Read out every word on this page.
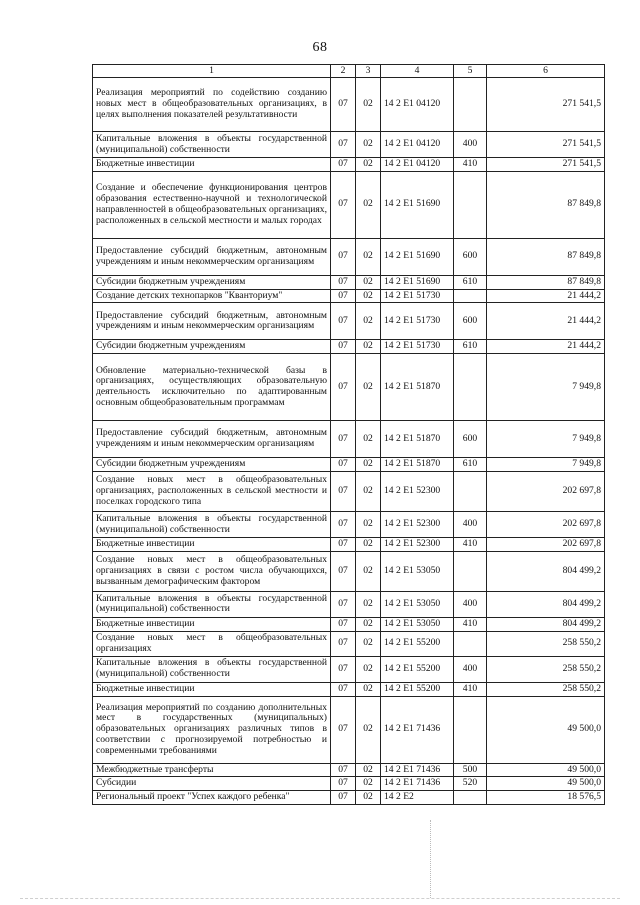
68
1	2	3	4	5	6
Реализация мероприятий по содействию созданию новых мест в общеобразовательных организациях, в целях выполнения показателей результативности	07	02	14 2 E1 04120		271 541,5
Капитальные вложения в объекты государственной (муниципальной) собственности	07	02	14 2 E1 04120	400	271 541,5
Бюджетные инвестиции	07	02	14 2 E1 04120	410	271 541,5
Создание и обеспечение функционирования центров образования естественно-научной и технологической направленностей в общеобразовательных организациях, расположенных в сельской местности и малых городах	07	02	14 2 E1 51690		87 849,8
Предоставление субсидий бюджетным, автономным учреждениям и иным некоммерческим организациям	07	02	14 2 E1 51690	600	87 849,8
Субсидии бюджетным учреждениям	07	02	14 2 E1 51690	610	87 849,8
Создание детских технопарков "Кванториум"	07	02	14 2 E1 51730		21 444,2
Предоставление субсидий бюджетным, автономным учреждениям и иным некоммерческим организациям	07	02	14 2 E1 51730	600	21 444,2
Субсидии бюджетным учреждениям	07	02	14 2 E1 51730	610	21 444,2
Обновление материально-технической базы в организациях, осуществляющих образовательную деятельность исключительно по адаптированным основным общеобразовательным программам	07	02	14 2 E1 51870		7 949,8
Предоставление субсидий бюджетным, автономным учреждениям и иным некоммерческим организациям	07	02	14 2 E1 51870	600	7 949,8
Субсидии бюджетным учреждениям	07	02	14 2 E1 51870	610	7 949,8
Создание новых мест в общеобразовательных организациях, расположенных в сельской местности и поселках городского типа	07	02	14 2 E1 52300		202 697,8
Капитальные вложения в объекты государственной (муниципальной) собственности	07	02	14 2 E1 52300	400	202 697,8
Бюджетные инвестиции	07	02	14 2 E1 52300	410	202 697,8
Создание новых мест в общеобразовательных организациях в связи с ростом числа обучающихся, вызванным демографическим фактором	07	02	14 2 E1 53050		804 499,2
Капитальные вложения в объекты государственной (муниципальной) собственности	07	02	14 2 E1 53050	400	804 499,2
Бюджетные инвестиции	07	02	14 2 E1 53050	410	804 499,2
Создание новых мест в общеобразовательных организациях	07	02	14 2 E1 55200		258 550,2
Капитальные вложения в объекты государственной (муниципальной) собственности	07	02	14 2 E1 55200	400	258 550,2
Бюджетные инвестиции	07	02	14 2 E1 55200	410	258 550,2
Реализация мероприятий по созданию дополнительных мест в государственных (муниципальных) образовательных организациях различных типов в соответствии с прогнозируемой потребностью и современными требованиями	07	02	14 2 E1 71436		49 500,0
Межбюджетные трансферты	07	02	14 2 E1 71436	500	49 500,0
Субсидии	07	02	14 2 E1 71436	520	49 500,0
Региональный проект "Успех каждого ребенка"	07	02	14 2 E2		18 576,5
